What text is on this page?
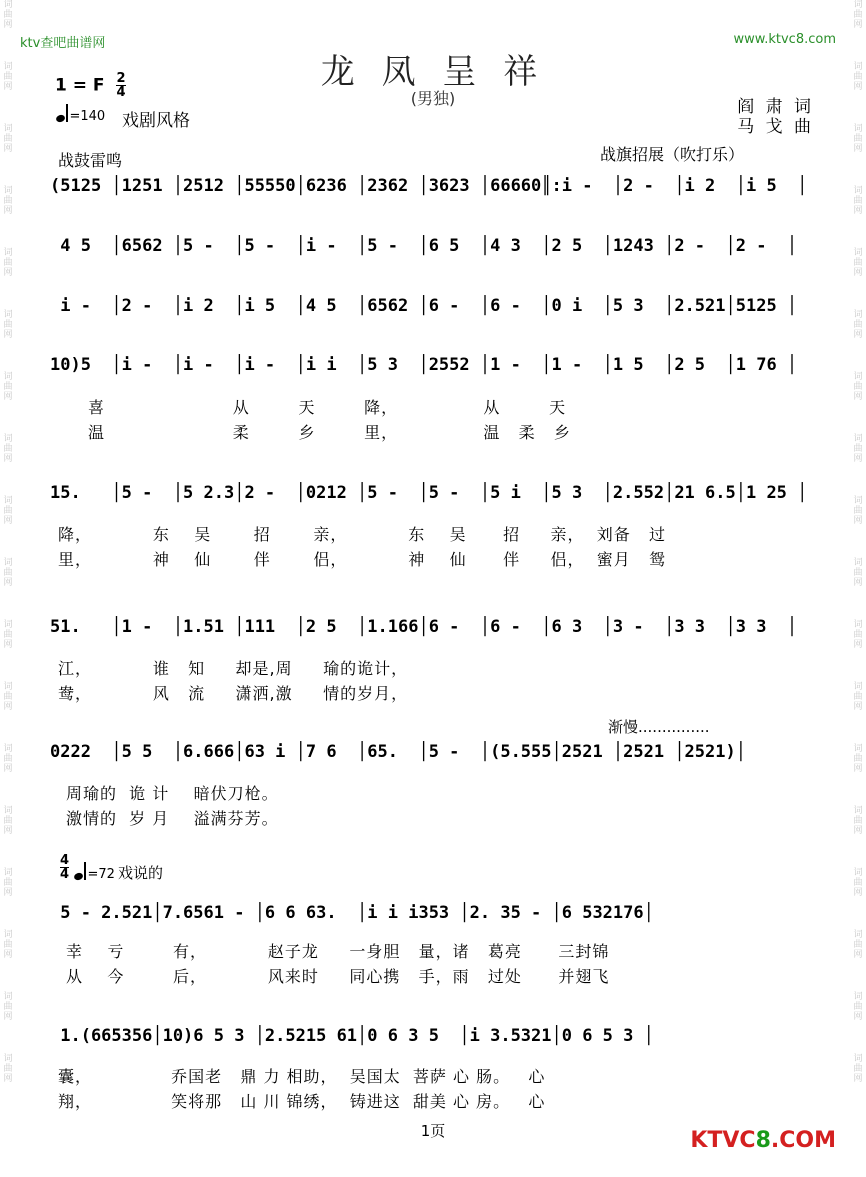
词
曲
网
词
曲
网
词
曲
网
词
曲
网
词
曲
网
词
曲
网
词
曲
网
词
曲
网
词
曲
网
词
曲
网
词
曲
网
词
曲
网
词
曲
网
词
曲
网
词
曲
网
词
曲
网
词
曲
网
词
曲
网
词
曲
网
词
曲
网
词
曲
网
词
曲
网
词
曲
网
词
曲
网
词
曲
网
词
曲
网
词
曲
网
词
曲
网
词
曲
网
词
曲
网
词
曲
网
词
曲
网
词
曲
网
词
曲
网
词
曲
网
词
曲
网
ktv查吧曲谱网	www.ktvc8.com
龙 凤 呈 祥
(男独)
1 = F $\frac{2}{4}$
=140 戏剧风格
阎 肃 词
马 戈 曲
战鼓雷鸣	战旗招展（吹打乐）
(5125 │1251 │2512 │55550│6236 │2362 │3623 │66660║:i -  │2 -  │i 2  │i 5  │
4 5  │6562 │5 -  │5 -  │i -  │5 -  │6 5  │4 3  │2 5  │1243 │2 -  │2 -  │
i -  │2 -  │i 2  │i 5  │4 5  │6562 │6 -  │6 -  │0 i  │5 3  │2.521│5125 │
10)5  │i -  │i -  │i -  │i i  │5 3  │2552 │1 -  │1 -  │1 5  │2 5  │1 76 │
喜                     从        天        降，              从        天
温                     柔        乡        里，              温   柔   乡
15.   │5 -  │5 2.3│2 -  │0212 │5 -  │5 -  │5 i  │5 3  │2.552│21 6.5│1 25 │
降，          东    吴       招       亲，          东    吴      招     亲，  刘备   过
里，          神    仙       伴       侣，          神    仙      伴     侣，  蜜月   鸳
51.   │1 -  │1.51 │111  │2 5  │1.166│6 -  │6 -  │6 3  │3 -  │3 3  │3 3  │
江，          谁   知     却是,周     瑜的诡计，
鸯，          风   流     潇洒,激     情的岁月，
渐慢...............
0222  │5 5  │6.666│63 i │7 6  │65.  │5 -  │(5.555│2521 │2521 │2521)│
周瑜的  诡 计    暗伏刀枪。
激情的  岁 月    溢满芬芳。
4

4	=72 戏说的
5 - 2.521│7.6561 - │6 6 63.  │i i i353 │2. 35 - │6 532176│
幸    亏        有，          赵子龙     一身胆   量，诸   葛亮      三封锦
从    今        后，          风来时     同心携   手，雨   过处      并翅飞
1.(665356│10)6 5 3 │2.5215 61│0 6 3 5  │i 3.5321│0 6 5 3 │
囊，             乔国老   鼎 力 相助，  吴国太  菩萨 心 肠。   心
翔，             笑将那   山 川 锦绣，  铸进这  甜美 心 房。   心
1页	KTVC8.COM
